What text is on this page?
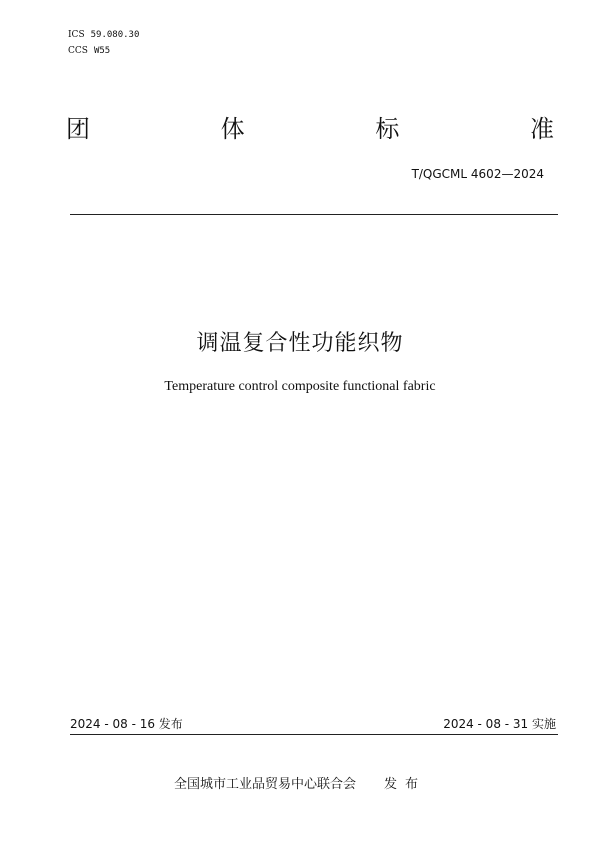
ICS 59.080.30
CCS W55
团	体	标	准
T/QGCML 4602—2024
调温复合性功能织物
Temperature control composite functional fabric
2024 - 08 - 16 发布	2024 - 08 - 31 实施
全国城市工业品贸易中心联合会 发布
